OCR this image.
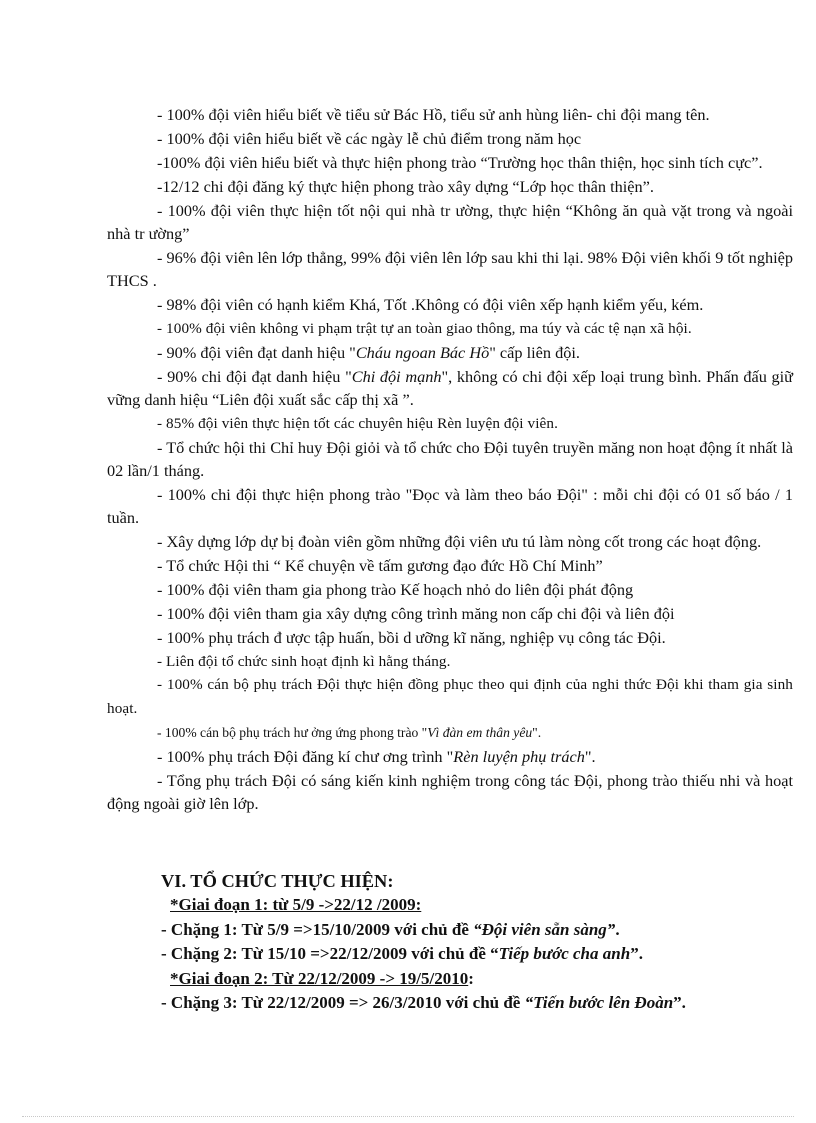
- 100% đội viên hiểu biết về tiểu sử Bác Hồ, tiểu sử anh hùng liên- chi đội mang tên.

- 100% đội viên hiểu biết về các ngày lễ chủ điểm trong năm học

-100% đội viên hiểu biết và thực hiện phong trào “Trường học thân thiện, học sinh tích cực”.

-12/12 chi đội đăng ký thực hiện phong trào xây dựng “Lớp học thân thiện”.

- 100% đội viên thực hiện tốt nội qui nhà tr ường, thực hiện “Không ăn quà vặt trong và ngoài nhà tr ường”

- 96% đội viên lên lớp thẳng, 99% đội viên lên lớp sau khi thi lại. 98% Đội viên khối 9 tốt nghiệp THCS .

- 98% đội viên có hạnh kiểm Khá, Tốt .Không có đội viên xếp hạnh kiểm yếu, kém.

- 100% đội viên không vi phạm trật tự an toàn giao thông, ma túy và các tệ nạn xã hội.

- 90% đội viên đạt danh hiệu "Cháu ngoan Bác Hồ" cấp liên đội.

- 90% chi đội đạt danh hiệu "Chi đội mạnh", không có chi đội xếp loại trung bình. Phấn đấu giữ vững danh hiệu “Liên đội xuất sắc cấp thị xã ”.

- 85% đội viên thực hiện tốt các chuyên hiệu Rèn luyện đội viên.

- Tổ chức hội thi Chỉ huy Đội giỏi và tổ chức cho Đội tuyên truyền măng non hoạt động ít nhất là 02 lần/1 tháng.

- 100% chi đội thực hiện phong trào "Đọc và làm theo báo Đội" : mỗi chi đội có 01 số báo / 1 tuần.

- Xây dựng lớp dự bị đoàn viên gồm những đội viên ưu tú làm nòng cốt trong các hoạt động.

- Tổ chức Hội thi “ Kể chuyện về tấm gương đạo đức Hồ Chí Minh”

- 100% đội viên tham gia phong trào Kế hoạch nhỏ do liên đội phát động

- 100% đội viên tham gia xây dựng công trình măng non cấp chi đội và liên đội

- 100% phụ trách đ ược tập huấn, bồi d ưỡng kĩ năng, nghiệp vụ công tác Đội.

- Liên đội tổ chức sinh hoạt định kì hằng tháng.

- 100% cán bộ phụ trách Đội thực hiện đồng phục theo qui định của nghi thức Đội khi tham gia sinh hoạt.

- 100% cán bộ phụ trách hư ởng ứng phong trào "Vì đàn em thân yêu".

- 100% phụ trách Đội đăng kí chư ơng trình "Rèn luyện phụ trách".

- Tổng phụ trách Đội có sáng kiến kinh nghiệm trong công tác Đội, phong trào thiếu nhi và hoạt động ngoài giờ lên lớp.

VI. TỔ CHỨC THỰC HIỆN:

*Giai đoạn 1: từ 5/9 ->22/12 /2009:

- Chặng 1: Từ 5/9 =>15/10/2009 với chủ đề “Đội viên sẵn sàng”.

- Chặng 2: Từ 15/10 =>22/12/2009 với chủ đề “Tiếp bước cha anh”.

*Giai đoạn 2: Từ 22/12/2009 -> 19/5/2010:

- Chặng 3: Từ 22/12/2009 => 26/3/2010 với chủ đề “Tiến bước lên Đoàn”.
